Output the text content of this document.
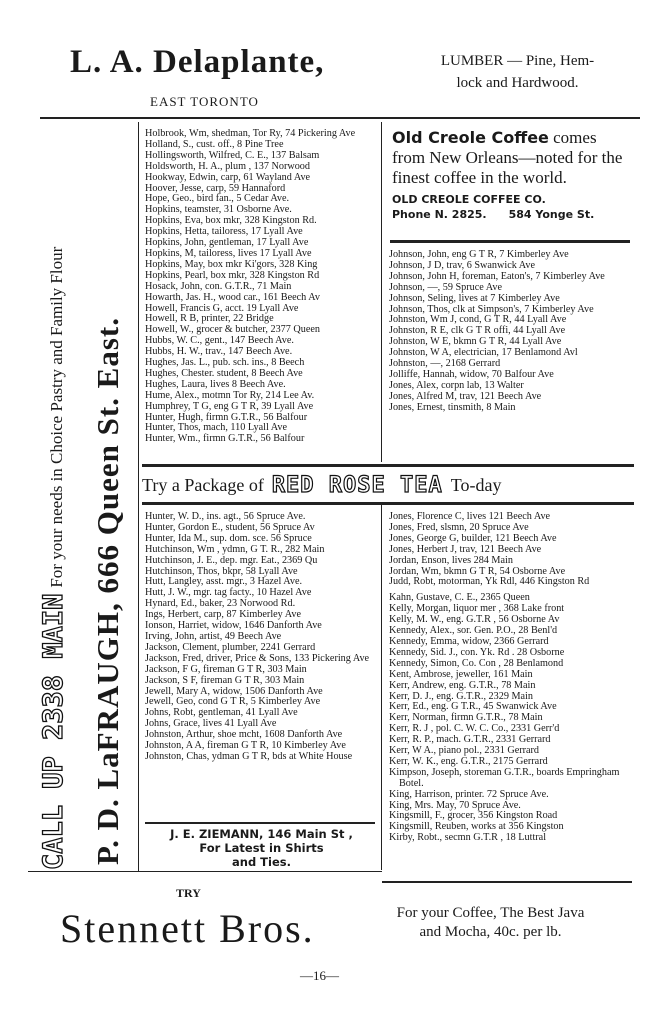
L. A. Delaplante,
EAST TORONTO
LUMBER — Pine, Hem-
lock and Hardwood.
CALL UP 2338 MAIN
For your needs in Choice Pastry and Family Flour P. D. LaFRAUGH, 666 Queen St. East.
Holbrook, Wm, shedman, Tor Ry, 74 Pickering Ave
Holland, S., cust. off., 8 Pine Tree
Hollingsworth, Wilfred, C. E., 137 Balsam
Holdsworth, H. A., plum , 137 Norwood
Hookway, Edwin, carp, 61 Wayland Ave
Hoover, Jesse, carp, 59 Hannaford
Hope, Geo., bird fan., 5 Cedar Ave.
Hopkins, teamster, 31 Osborne Ave.
Hopkins, Eva, box mkr, 328 Kingston Rd.
Hopkins, Hetta, tailoress, 17 Lyall Ave
Hopkins, John, gentleman, 17 Lyall Ave
Hopkins, M, tailoress, lives 17 Lyall Ave
Hopkins, May, box mkr Ki'gors, 328 King
Hopkins, Pearl, box mkr, 328 Kingston Rd
Hosack, John, con. G.T.R., 71 Main
Howarth, Jas. H., wood car., 161 Beech Av
Howell, Francis G, acct. 19 Lyall Ave
Howell, R B, printer, 22 Bridge
Howell, W., grocer & butcher, 2377 Queen
Hubbs, W. C., gent., 147 Beech Ave.
Hubbs, H. W., trav., 147 Beech Ave.
Hughes, Jas. L., pub. sch. ins., 8 Beech
Hughes, Chester. student, 8 Beech Ave
Hughes, Laura, lives 8 Beech Ave.
Hume, Alex., motmn Tor Ry, 214 Lee Av.
Humphrey, T G, eng G T R, 39 Lyall Ave
Hunter, Hugh, firmn G.T.R., 56 Balfour
Hunter, Thos, mach, 110 Lyall Ave
Hunter, Wm., firmn G.T.R., 56 Balfour
Old Creole Coffee comes from New Orleans—noted for the finest coffee in the world.
OLD CREOLE COFFEE CO.
Phone N. 2825. 584 Yonge St.
Johnson, John, eng G T R, 7 Kimberley Ave
Johnson, J D, trav, 6 Swanwick Ave
Johnson, John H, foreman, Eaton's, 7 Kimberley Ave
Johnson, —, 59 Spruce Ave
Johnson, Seling, lives at 7 Kimberley Ave
Johnson, Thos, clk at Simpson's, 7 Kimberley Ave
Johnston, Wm J, cond, G T R, 44 Lyall Ave
Johnston, R E, clk G T R offi, 44 Lyall Ave
Johnston, W E, bkmn G T R, 44 Lyall Ave
Johnston, W A, electrician, 17 Benlamond Avl
Johnston, —, 2168 Gerrard
Jolliffe, Hannah, widow, 70 Balfour Ave
Jones, Alex, corpn lab, 13 Walter
Jones, Alfred M, trav, 121 Beech Ave
Jones, Ernest, tinsmith, 8 Main
Try a Package of RED ROSE TEA To-day
Hunter, W. D., ins. agt., 56 Spruce Ave.
Hunter, Gordon E., student, 56 Spruce Av
Hunter, Ida M., sup. dom. sce. 56 Spruce
Hutchinson, Wm , ydmn, G T. R., 282 Main
Hutchinson, J. E., dep. mgr. Eat., 2369 Qu
Hutchinson, Thos, bkpr, 58 Lyall Ave
Hutt, Langley, asst. mgr., 3 Hazel Ave.
Hutt, J. W., mgr. tag facty., 10 Hazel Ave
Hynard, Ed., baker, 23 Norwood Rd.
Ings, Herbert, carp, 87 Kimberley Ave
Ionson, Harriet, widow, 1646 Danforth Ave
Irving, John, artist, 49 Beech Ave
Jackson, Clement, plumber, 2241 Gerrard
Jackson, Fred, driver, Price & Sons, 133 Pickering Ave
Jackson, F G, fireman G T R, 303 Main
Jackson, S F, fireman G T R, 303 Main
Jewell, Mary A, widow, 1506 Danforth Ave
Jewell, Geo, cond G T R, 5 Kimberley Ave
Johns, Robt, gentleman, 41 Lyall Ave
Johns, Grace, lives 41 Lyall Ave
Johnston, Arthur, shoe mcht, 1608 Danforth Ave
Johnston, A A, fireman G T R, 10 Kimberley Ave
Johnston, Chas, ydman G T R, bds at White House
J. E. ZIEMANN, 146 Main St ,
For Latest in Shirts
and Ties.
Jones, Florence C, lives 121 Beech Ave
Jones, Fred, slsmn, 20 Spruce Ave
Jones, George G, builder, 121 Beech Ave
Jones, Herbert J, trav, 121 Beech Ave
Jordan, Enson, lives 284 Main
Jordan, Wm, bkmn G T R, 54 Osborne Ave
Judd, Robt, motorman, Yk Rdl, 446 Kingston Rd
Kahn, Gustave, C. E., 2365 Queen
Kelly, Morgan, liquor mer , 368 Lake front
Kelly, M. W., eng. G.T.R , 56 Osborne Av
Kennedy, Alex., sor. Gen. P.O., 28 Benl'd
Kennedy, Emma, widow, 2366 Gerrard
Kennedy, Sid. J., con. Yk. Rd . 28 Osborne
Kennedy, Simon, Co. Con , 28 Benlamond
Kent, Ambrose, jeweller, 161 Main
Kerr, Andrew, eng. G.T.R., 78 Main
Kerr, D. J., eng. G.T.R., 2329 Main
Kerr, Ed., eng. G T.R., 45 Swanwick Ave
Kerr, Norman, firmn G.T.R., 78 Main
Kerr, R. J , pol. C. W. C. Co., 2331 Gerr'd
Kerr, R. P., mach. G.T.R., 2331 Gerrard
Kerr, W A., piano pol., 2331 Gerrard
Kerr, W. K., eng. G.T.R., 2175 Gerrard
Kimpson, Joseph, storeman G.T.R., boards Empringham Botel.
King, Harrison, printer. 72 Spruce Ave.
King, Mrs. May, 70 Spruce Ave.
Kingsmill, F., grocer, 356 Kingston Road
Kingsmill, Reuben, works at 356 Kingston
Kirby, Robt., secmn G.T.R , 18 Luttral
TRY
Stennett Bros.	For your Coffee, The Best Java
and Mocha, 40c. per lb.
—16—
